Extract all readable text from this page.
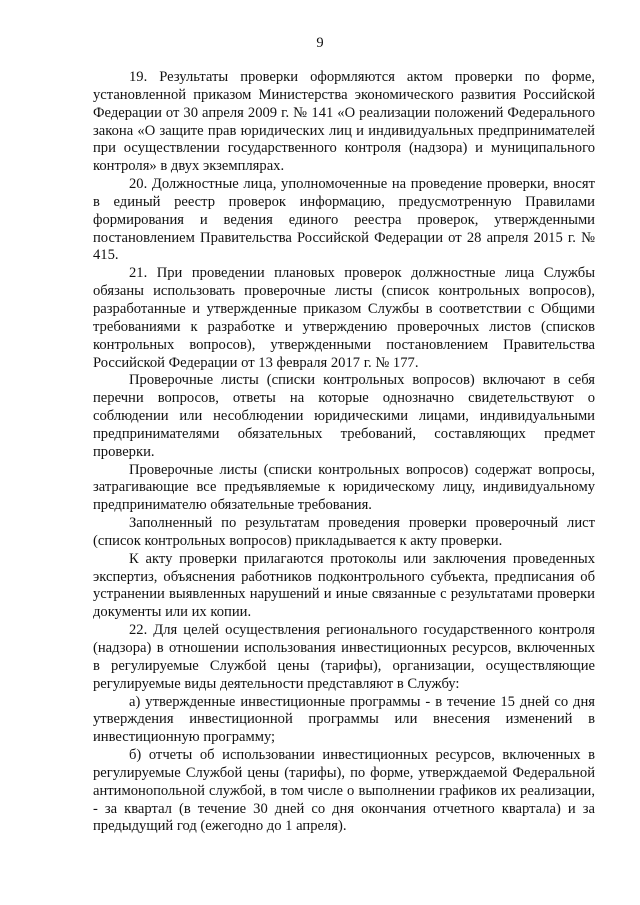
9

19. Результаты проверки оформляются актом проверки по форме, установленной приказом Министерства экономического развития Российской Федерации от 30 апреля 2009 г. № 141 «О реализации положений Федерального закона «О защите прав юридических лиц и индивидуальных предпринимателей при осуществлении государственного контроля (надзора) и муниципального контроля» в двух экземплярах.

20. Должностные лица, уполномоченные на проведение проверки, вносят в единый реестр проверок информацию, предусмотренную Правилами формирования и ведения единого реестра проверок, утвержденными постановлением Правительства Российской Федерации от 28 апреля 2015 г. № 415.

21. При проведении плановых проверок должностные лица Службы обязаны использовать проверочные листы (список контрольных вопросов), разработанные и утвержденные приказом Службы в соответствии с Общими требованиями к разработке и утверждению проверочных листов (списков контрольных вопросов), утвержденными постановлением Правительства Российской Федерации от 13 февраля 2017 г. № 177.

Проверочные листы (списки контрольных вопросов) включают в себя перечни вопросов, ответы на которые однозначно свидетельствуют о соблюдении или несоблюдении юридическими лицами, индивидуальными предпринимателями обязательных требований, составляющих предмет проверки.

Проверочные листы (списки контрольных вопросов) содержат вопросы, затрагивающие все предъявляемые к юридическому лицу, индивидуальному предпринимателю обязательные требования.

Заполненный по результатам проведения проверки проверочный лист (список контрольных вопросов) прикладывается к акту проверки.

К акту проверки прилагаются протоколы или заключения проведенных экспертиз, объяснения работников подконтрольного субъекта, предписания об устранении выявленных нарушений и иные связанные с результатами проверки документы или их копии.

22. Для целей осуществления регионального государственного контроля (надзора) в отношении использования инвестиционных ресурсов, включенных в регулируемые Службой цены (тарифы), организации, осуществляющие регулируемые виды деятельности представляют в Службу:

а) утвержденные инвестиционные программы - в течение 15 дней со дня утверждения инвестиционной программы или внесения изменений в инвестиционную программу;

б) отчеты об использовании инвестиционных ресурсов, включенных в регулируемые Службой цены (тарифы), по форме, утверждаемой Федеральной антимонопольной службой, в том числе о выполнении графиков их реализации, - за квартал (в течение 30 дней со дня окончания отчетного квартала) и за предыдущий год (ежегодно до 1 апреля).
